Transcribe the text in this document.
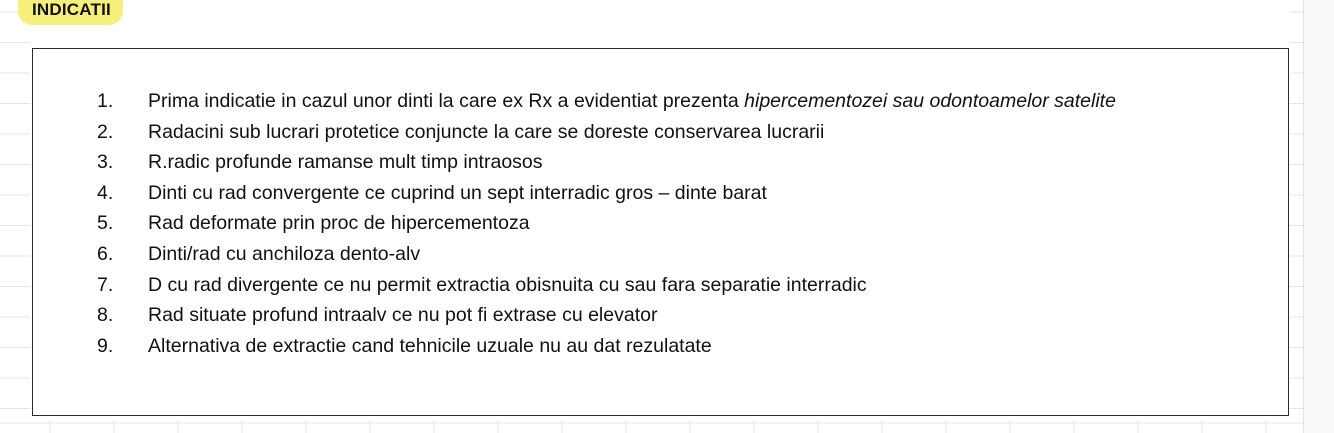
INDICATII
1. Prima indicatie in cazul unor dinti la care ex Rx a evidentiat prezenta hipercementozei sau odontoamelor satelite
2. Radacini sub lucrari protetice conjuncte la care se doreste conservarea lucrarii
3. R.radic profunde ramanse mult timp intraosos
4. Dinti cu rad convergente ce cuprind un sept interradic gros – dinte barat
5. Rad deformate prin proc de hipercementoza
6. Dinti/rad cu anchiloza dento-alv
7. D cu rad divergente ce nu permit extractia obisnuita cu sau fara separatie interradic
8. Rad situate profund intraalv ce nu pot fi extrase cu elevator
9. Alternativa de extractie cand tehnicile uzuale nu au dat rezulatate
